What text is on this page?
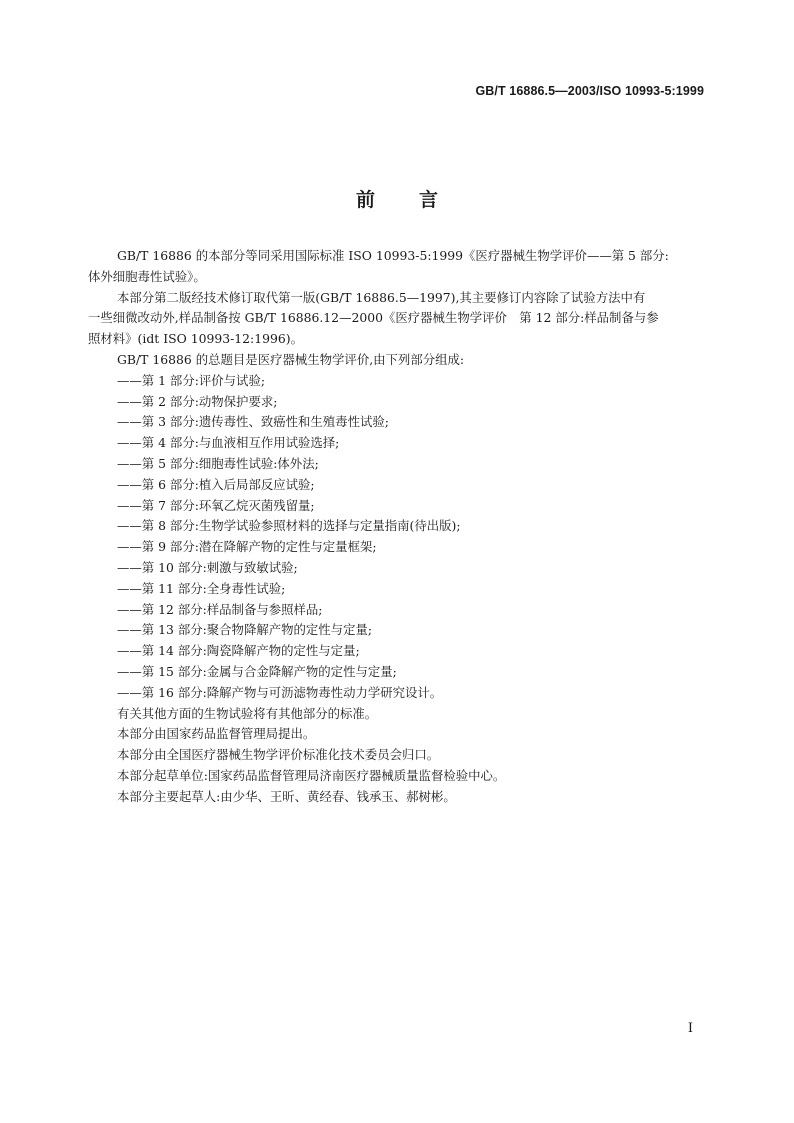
GB/T 16886.5—2003/ISO 10993-5:1999
前言

GB/T 16886 的本部分等同采用国际标准 ISO 10993-5:1999《医疗器械生物学评价——第 5 部分:

体外细胞毒性试验》。

本部分第二版经技术修订取代第一版(GB/T 16886.5—1997),其主要修订内容除了试验方法中有

一些细微改动外,样品制备按 GB/T 16886.12—2000《医疗器械生物学评价　第 12 部分:样品制备与参

照材料》(idt ISO 10993-12:1996)。

GB/T 16886 的总题目是医疗器械生物学评价,由下列部分组成:

——第 1 部分:评价与试验;

——第 2 部分:动物保护要求;

——第 3 部分:遗传毒性、致癌性和生殖毒性试验;

——第 4 部分:与血液相互作用试验选择;

——第 5 部分:细胞毒性试验:体外法;

——第 6 部分:植入后局部反应试验;

——第 7 部分:环氧乙烷灭菌残留量;

——第 8 部分:生物学试验参照材料的选择与定量指南(待出版);

——第 9 部分:潜在降解产物的定性与定量框架;

——第 10 部分:刺激与致敏试验;

——第 11 部分:全身毒性试验;

——第 12 部分:样品制备与参照样品;

——第 13 部分:聚合物降解产物的定性与定量;

——第 14 部分:陶瓷降解产物的定性与定量;

——第 15 部分:金属与合金降解产物的定性与定量;

——第 16 部分:降解产物与可沥滤物毒性动力学研究设计。

有关其他方面的生物试验将有其他部分的标准。

本部分由国家药品监督管理局提出。

本部分由全国医疗器械生物学评价标准化技术委员会归口。

本部分起草单位:国家药品监督管理局济南医疗器械质量监督检验中心。

本部分主要起草人:由少华、王昕、黄经春、钱承玉、郝树彬。

I
